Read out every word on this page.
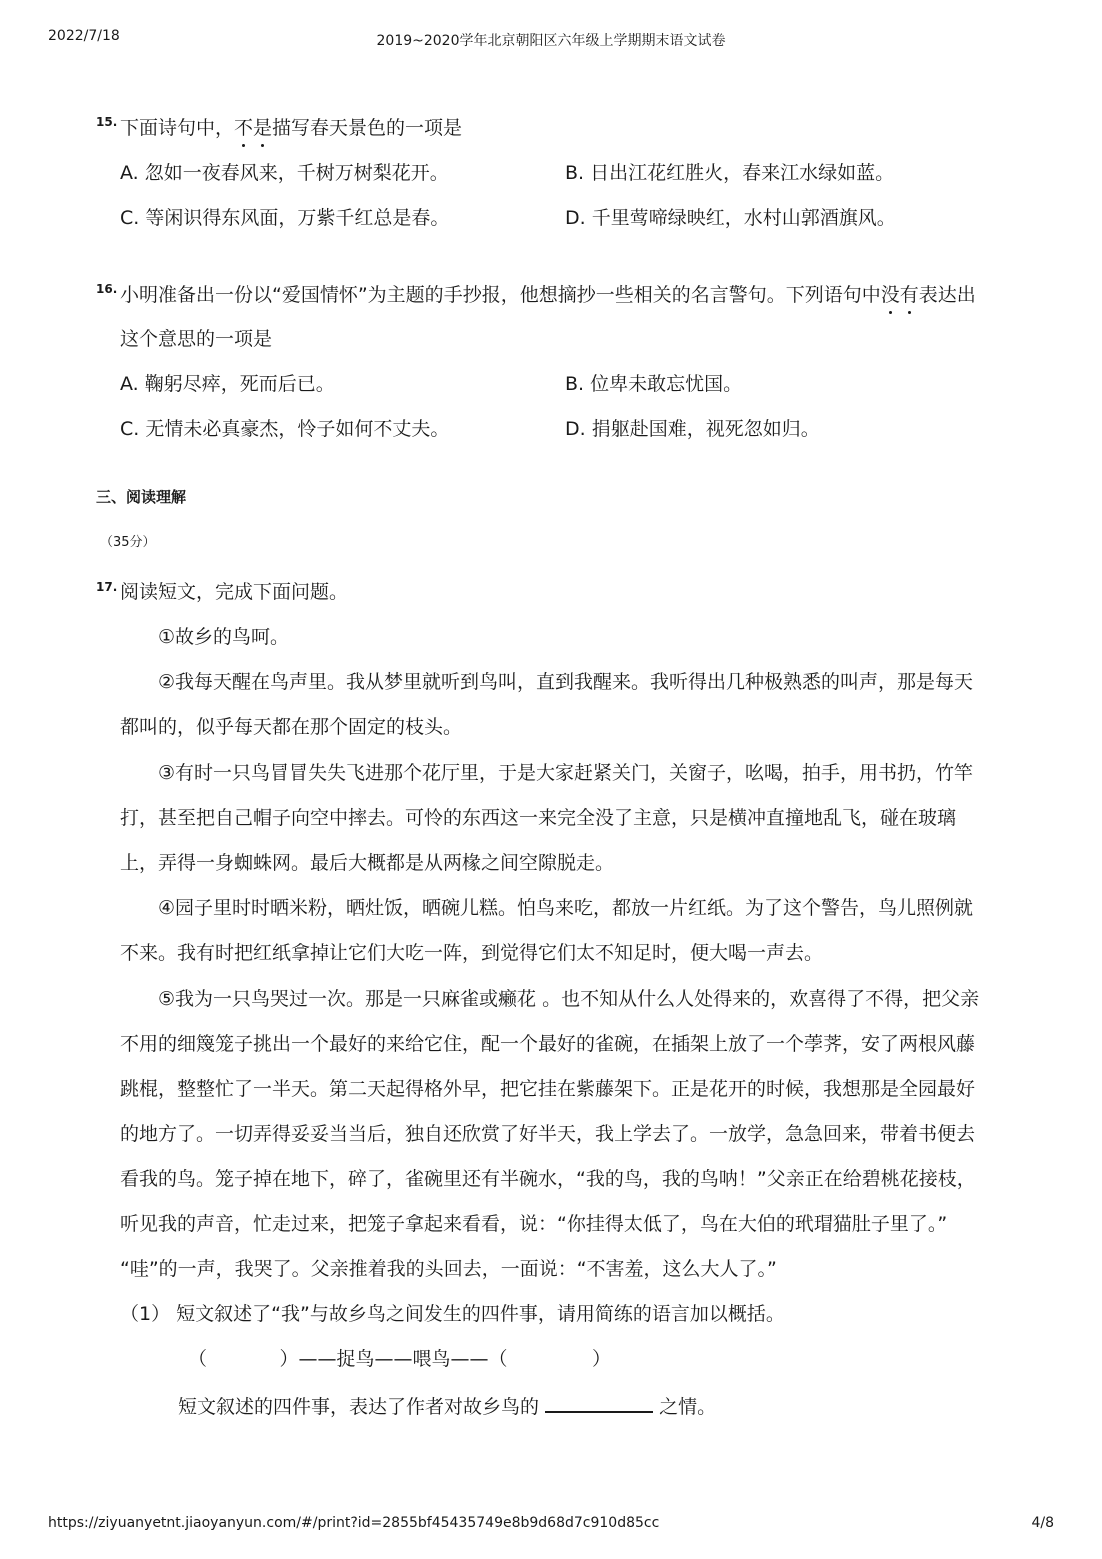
2022/7/18	2019~2020学年北京朝阳区六年级上学期期末语文试卷
15. 下面诗句中，不是描写春天景色的一项是
A. 忽如一夜春风来，千树万树梨花开。	B. 日出江花红胜火，春来江水绿如蓝。
C. 等闲识得东风面，万紫千红总是春。	D. 千里莺啼绿映红，水村山郭酒旗风。
16. 小明准备出一份以“爱国情怀”为主题的手抄报，他想摘抄一些相关的名言警句。下列语句中没有表达出
这个意思的一项是
A. 鞠躬尽瘁，死而后已。	B. 位卑未敢忘忧国。
C. 无情未必真豪杰，怜子如何不丈夫。	D. 捐躯赴国难，视死忽如归。
三、阅读理解
（35分）
17. 阅读短文，完成下面问题。
①故乡的鸟呵。
②我每天醒在鸟声里。我从梦里就听到鸟叫，直到我醒来。我听得出几种极熟悉的叫声，那是每天
都叫的，似乎每天都在那个固定的枝头。
③有时一只鸟冒冒失失飞进那个花厅里，于是大家赶紧关门，关窗子，吆喝，拍手，用书扔，竹竿
打，甚至把自己帽子向空中摔去。可怜的东西这一来完全没了主意，只是横冲直撞地乱飞，碰在玻璃
上，弄得一身蜘蛛网。最后大概都是从两椽之间空隙脱走。
④园子里时时晒米粉，晒灶饭，晒碗儿糕。怕鸟来吃，都放一片红纸。为了这个警告，鸟儿照例就
不来。我有时把红纸拿掉让它们大吃一阵，到觉得它们太不知足时，便大喝一声去。
⑤我为一只鸟哭过一次。那是一只麻雀或癞花 。也不知从什么人处得来的，欢喜得了不得，把父亲
不用的细篾笼子挑出一个最好的来给它住，配一个最好的雀碗，在插架上放了一个荸荠，安了两根风藤
跳棍，整整忙了一半天。第二天起得格外早，把它挂在紫藤架下。正是花开的时候，我想那是全园最好
的地方了。一切弄得妥妥当当后，独自还欣赏了好半天，我上学去了。一放学，急急回来，带着书便去
看我的鸟。笼子掉在地下，碎了，雀碗里还有半碗水，“我的鸟，我的鸟呐！”父亲正在给碧桃花接枝，
听见我的声音，忙走过来，把笼子拿起来看看，说：“你挂得太低了，鸟在大伯的玳瑁猫肚子里了。”
“哇”的一声，我哭了。父亲推着我的头回去，一面说：“不害羞，这么大人了。”
（1） 短文叙述了“我”与故乡鸟之间发生的四件事，请用简练的语言加以概括。
（            ）——捉鸟——喂鸟——（              ）
短文叙述的四件事，表达了作者对故乡鸟的	之情。
https://ziyuanyetnt.jiaoyanyun.com/#/print?id=2855bf45435749e8b9d68d7c910d85cc	4/8
